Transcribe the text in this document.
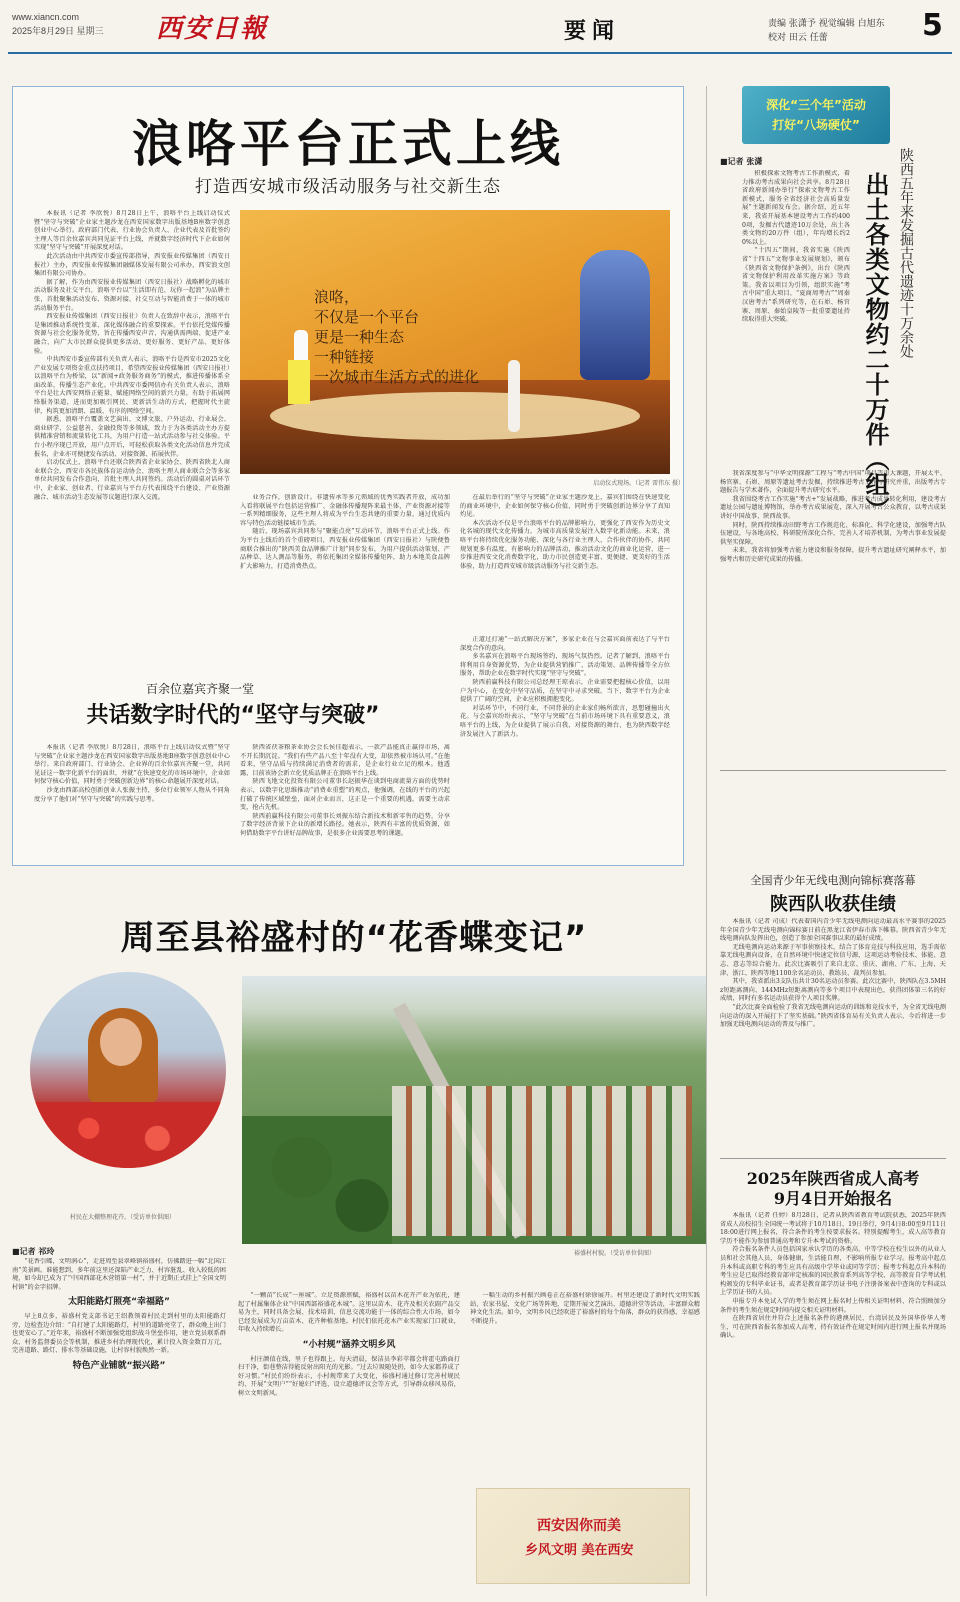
www.xiancn.com
2025年8月29日 星期三 西安日報	要闻	责编 张潇予 视觉编辑 白旭东
校对 田云 任蕾	5
浪咯平台正式上线
打造西安城市级活动服务与社交新生态

本报讯（记者 李欣悦）8月28日上午，浪咯平台上线启动仪式暨“坚守与突破”企业家主题沙龙在西安国家数字出版基地B座数字创意创业中心举行。政府部门代表、行业协会负责人、企业代表及首批签约主理人等百余位嘉宾共同见证平台上线，并就数字经济时代下企业如何实现“坚守与突破”开展深度对话。

此次活动由中共西安市委宣传部指导，西安报业传媒集团（西安日报社）主办，西安报业传媒集团融媒体发展有限公司承办，西安浪文创集团有限公司协办。

据了解，作为由西安报业传媒集团（西安日报社）战略孵化的城市活动服务及社交平台，浪咯平台以“生活即有范、玩你一起浪”为品牌主张，首批聚集活动发布、资源对接、社交互动与智能消费于一体的城市活动服务平台。

西安报业传媒集团（西安日报社）负责人在致辞中表示，浪咯平台是集团推动系统性变革、深化媒体融合的重要探索。平台依托党媒传播资源与社会化服务优势，旨在传播西安声音、沟通供需两端、促进产业融合，向广大市民群众提供更多活动、更好服务、更好产品、更好体验。

中共西安市委宣传部有关负责人表示，浪咯平台是西安市2025文化产业发展专项资金重点扶持项目，希望西安报业传媒集团（西安日报社）以浪咯平台为桥梁，以“新闻+政务服务商务”的模式，推进传播体系全面改革，传播生态产业化。中共西安市委网信办有关负责人表示，浪咯平台是壮大西安网络正能量、赋能网络空间的新兴力量，有助于拓展网络服务渠道，进而更加吸引网民、更新活生动的方式，把握时代主旋律，构筑更加清朗、温暖、有序的网络空间。

据悉，浪咯平台覆盖文艺演出、文博文旅、户外运动、行业展会、商业研学、公益慈善、金融投资等多领域，致力于为各类活动主办方提供精准营销和流量转化工具，为用户打造一站式活动参与社交体验。平台小程序现已开放，用户点开后，可轻松获取各类文化活动信息并完成报名，企业亦可便捷发布活动、对接资源、拓展伙伴。

启动仪式上，浪咯平台还联合陕西省企业家协会、陕西省陕北人商业联合会、西安市各民族体育运动协会、浪咯主理人商业联合会等多家单位共同发布合作意向，首批主理人共同签约。活动后的圆桌对话环节中，企业家、创业者、行业嘉宾与平台方代表围绕平台建设、产业资源融合、城市活动生态发展等议题进行深入交流。

浪咯，
不仅是一个平台
更是一种生态
一种链接
一次城市生活方式的进化
启动仪式现场。（记者 雷伟东 摄）

业务合作，创新设计。非遗传承等多元领域的优秀实践者开放，成功加入看将联展平台包括运营推广、金融体传播现阵来最主体，产业资源对接等一系列精细服务，这些主理人将成为平台生态共建的重要力量，通过优质内容与特色活动链接城市生活。

随后，现场嘉宾共同参与“聚能点亮”互动环节，浪咯平台正式上线。作为平台上线后的首个重磅项目，西安报业传媒集团（西安日报社）与陕便鲁商联合推出的“陕西美食品牌推广计划”同步发布，为用户提供活动策划、产品种草、达人测品等服务，将依托集团全媒体传播矩阵，助力本地美食品牌扩大影响力，打造消费热点。

在最后举行的“坚守与突破”企业家主题沙龙上，嘉宾们围绕在快速变化的商业环境中，企业如何保守核心价值、同时勇于突破创新边界分享了真知灼见。

本次活动不仅是平台浪咯平台的品牌影响力，更强化了西安作为历史文化名城的现代文化传播力，为城市高质量发展注入数字化新动能。未来，浪咯平台将持续优化服务功能、深化与各行业主理人、合作伙伴的协作，共同规划更多有温度、有影响力的品牌活动，推动活动文化的商业化运营，进一步推进西安文化消费数字化，助力市民创造更丰富、更便捷、更美好的生活体验，助力打造西安城市级活动服务与社交新生态。

百余位嘉宾齐聚一堂
共话数字时代的“坚守与突破”

本报讯（记者 李欣悦）8月28日，浪咯平台上线启动仪式暨“坚守与突破”企业家主题沙龙在西安国家数字出版基地B座数字创意创业中心举行。来自政府部门、行业协会、企业界的百余位嘉宾齐聚一堂，共同见证这一数字化新平台的面世，并就“在快速变化的市场环境中，企业如何保守核心价值，同时勇于突破创新边界”的核心命题展开深度对话。

沙龙由西部高校创新创业人张振主持，多位行业领军人物从不同角度分享了他们对“坚守与突破”的实践与思考。

陕西省茯茶粮茶业协会会长侯佳超表示，一款产品能真正赢得市场，离不开长期沉淀。“我们有些产品八至十年没有大变，却依然被市场认可。”在他看来，坚守品质与持续满足消费者的需求，是企业行业立足的根本。他透露，目前该协会新立化优质品牌正在浪咯平台上线。

陕西飞地文化投资有限公司董事长赵振华在谈到电商流量方面的优势时表示，以数字化思维推动“消费业重塑”的观点，他强调，在线的平台的兴起打破了传统区域壁垒，面对企业而言，这正是一个重要的机遇，需要主动求变，抢占先机。

陕西前赢科技有限公司董事长刘振东结合新技术和新零售的趋势，分享了数字经济背景下企业的新增长路径。她表示，陕西有丰富的优质资源，如何借助数字平台讲好品牌故事，是很多企业需要思考的课题。

正道过打通“一站式解决方案”，多家企业在与会嘉宾面前表达了与平台深度合作的意向。

多名嘉宾在浪咯平台现场签约，现场气氛热烈。记者了解到，浪咯平台将利用自身资源优势，为企业提供营销推广、活动策划、品牌传播等全方位服务，帮助企业在数字时代实现“坚守与突破”。

陕西前赢科技有限公司总经理王琼表示，企业需要把握核心价值，以用户为中心，在变化中坚守品质，在坚守中寻求突破。当下，数字平台为企业提供了广阔的空间，企业应积极拥抱变化。

对话环节中，不同行业、不同背景的企业家们畅所欲言，思想碰撞出火花。与会嘉宾纷纷表示，“坚守与突破”在当前市场环境下具有重要意义，浪咯平台的上线，为企业提供了展示自我、对接资源的舞台，也为陕西数字经济发展注入了新活力。

深化“三个年”活动
打好“八场硬仗”
陕西五年来发掘古代遗迹十万余处
出土各类文物约二十万件（组）
■记者 张潇

积极探索文物考古工作新模式，着力推动考古成果向社会共享。8月28日省政府新闻办举行“探索文物考古工作新模式，服务全省经济社会高质量发展”主题新闻发布会。据介绍，近五年来，我省开展基本建设考古工作约4000项，发掘古代遗迹10万余处，出土各类文物约20万件（组），年均增长约20%以上。

“十四五”期间，我省实施《陕西省“十四五”文物事业发展规划》，颁布《陕西省文物保护条例》，出台《陕西省文物保护利用改革实施方案》等政策。我省以项目为引领，组织实施“考古中国”重大项目、“夏商周考古”“周秦汉唐考古”系列研究等，在石峁、杨官寨、周原、秦始皇陵等一批重要遗址持续取得重大突破。

我省深度参与“中华文明探源”工程与“考古中国”项目等重大课题，开展太平、杨官寨、石峁、周原等遗址考古发掘，持续推进考古工作与研究并重，出版考古专题报告与学术著作，全面提升考古研究水平。

我省围绕考古工作实施“考古+”发展战略，推进考古成果转化利用，建设考古遗址公园与遗址博物馆，举办考古成果展览，深入开展考古公众教育，以考古成果讲好中国故事、陕西故事。

同时，陕西持续推动田野考古工作规范化、标准化、科学化建设，加强考古队伍建设，与各地高校、科研院所深化合作，完善人才培养机制，为考古事业发展提供坚实保障。

未来，我省将加强考古能力建设和服务保障，提升考古遗址研究阐释水平，加强考古和历史研究成果的传播。

全国青少年无线电测向锦标赛落幕
陕西队收获佳绩

本报讯（记者 司成）代表着国内青少年无线电测向运动最高水平赛事的2025年全国青少年无线电测向锦标赛日前在黑龙江省伊春市落下帷幕。陕西省青少年无线电测向队发挥出色，创造了参加全国赛事以来的最好成绩。

无线电测向运动来源于军事侦察技术，结合了体育竞技与科技应用，选手需依靠无线电测向设备，在自然环境中快速定位信号源，这项运动考验技术、体能、意志、意志等综合能力。此次比赛吸引了来自北京、重庆、湖南、广东、上海、天津、浙江、陕西等地1100余名运动员、教练员、裁判员参加。

其中，我省派出3支队伍共计30名运动员参赛。此次比赛中，陕西队在3.5MHz短距离测向、144MHz短距离测向等多个项目中表现出色，获得团体第三名的好成绩，同时有多名运动员获得个人项目奖牌。

“此次比赛全面检验了我省无线电测向运动的训练和竞技水平，为全省无线电测向运动的深入开展打下了坚实基础。”陕西省体育局有关负责人表示，今后将进一步加强无线电测向运动的普及与推广。

2025年陕西省成人高考
9月4日开始报名

本报讯（记者 任婷）8月28日，记者从陕西省教育考试院获悉，2025年陕西省成人高校招生全国统一考试将于10月18日、19日举行，9月4日8:00至9月11日18:00进行网上报名，符合条件的考生按要求报名。特别提醒考生，成人高等教育学历不能作为参加普通高考和专升本考试的资格。

符合报名条件人员包括国家承认学历的各类高、中等学校在校生以外的从业人员和社会其他人员，身体健康，生活能自理，不影响所报专业学习。报考高中起点升本科或高职专科的考生应具有高级中学毕业或同等学历；报考专科起点升本科的考生应是已取得经教育部审定核准的国民教育系列高等学校、高等教育自学考试机构颁发的专科毕业证书，或者是教育部学历证书电子注册备案表中查询的专科或以上学历证书的人员。

申报专升本免试入学的考生须在网上报名时上传相关证明材料，符合照顾加分条件的考生须在规定时间内提交相关证明材料。

在陕西省居住并符合上述报名条件的港澳居民、台湾居民及外国华侨华人考生，可在陕西省报名参加成人高考，持有效证件在规定时间内进行网上报名并现场确认。

周至县裕盛村的“花香蝶变记”
村民在大棚整理花卉。（受访单位供图）
裕盛村村貌。（受访单位供图）
■记者 祁玲

“花香引蝶，文明润心”，走进周至县翠峰镇裕盛村，仿佛踏进一幅“北国江南”美景画。谁能想到，多年前这里还深陷产业乏力、村容脏乱、收入较低的困境，如今却已成为了“中国西部花木营销第一村”，并于近期正式挂上“全国文明村镇”的金字招牌。

太阳能路灯照亮“幸福路”

早上8点多，裕盛村党支部书记王绍教领着村民走到村里的太阳能路灯旁，边检查边介绍：“自打建了太阳能路灯，村里的道路亮堂了，群众晚上出门也更安心了。”近年来，裕盛村不断加强党组织战斗堡垒作用，建立党员联系群众、村务监督委员会等机制，推进乡村治理现代化，累计投入资金数百万元，完善道路、路灯、排水等基础设施，让村容村貌焕然一新。

特色产业铺就“振兴路”

“一颗苗”长成“一座城”。立足资源禀赋，裕盛村以苗木花卉产业为依托，建起了村属集体企业“中国西部裕盛花木城”。这里以苗木、花卉及相关农副产品交易为主，同时具备会展、技术培训、信息交流功能于一体的综合性大市场，如今已经发展成为万亩苗木、花卉种植基地。村民们依托花木产业实现家门口就业，年收入持续增长。

“小村规”涵养文明乡风

村庄颜值在线，里子也得跟上。每天清晨，保洁员李彩苹都会将霍屯路面打扫干净，街巷整洁得能反射出阳光的光影。“过去垃圾随处扔，如今大家都养成了好习惯。”村民们纷纷表示，小村规带来了大变化，裕盛村通过修订完善村规民约、开展“文明户”“好媳妇”评选、设立道德评议会等方式，引导群众移风易俗，树立文明新风。

一幅生动的乡村振兴画卷正在裕盛村徐徐展开。村里还建设了新时代文明实践站、农家书屋、文化广场等阵地，定期开展文艺演出、道德讲堂等活动，丰富群众精神文化生活。如今，文明乡风已经吹进了裕盛村的每个角落，群众的获得感、幸福感不断提升。

西安因你而美
乡风文明 美在西安
